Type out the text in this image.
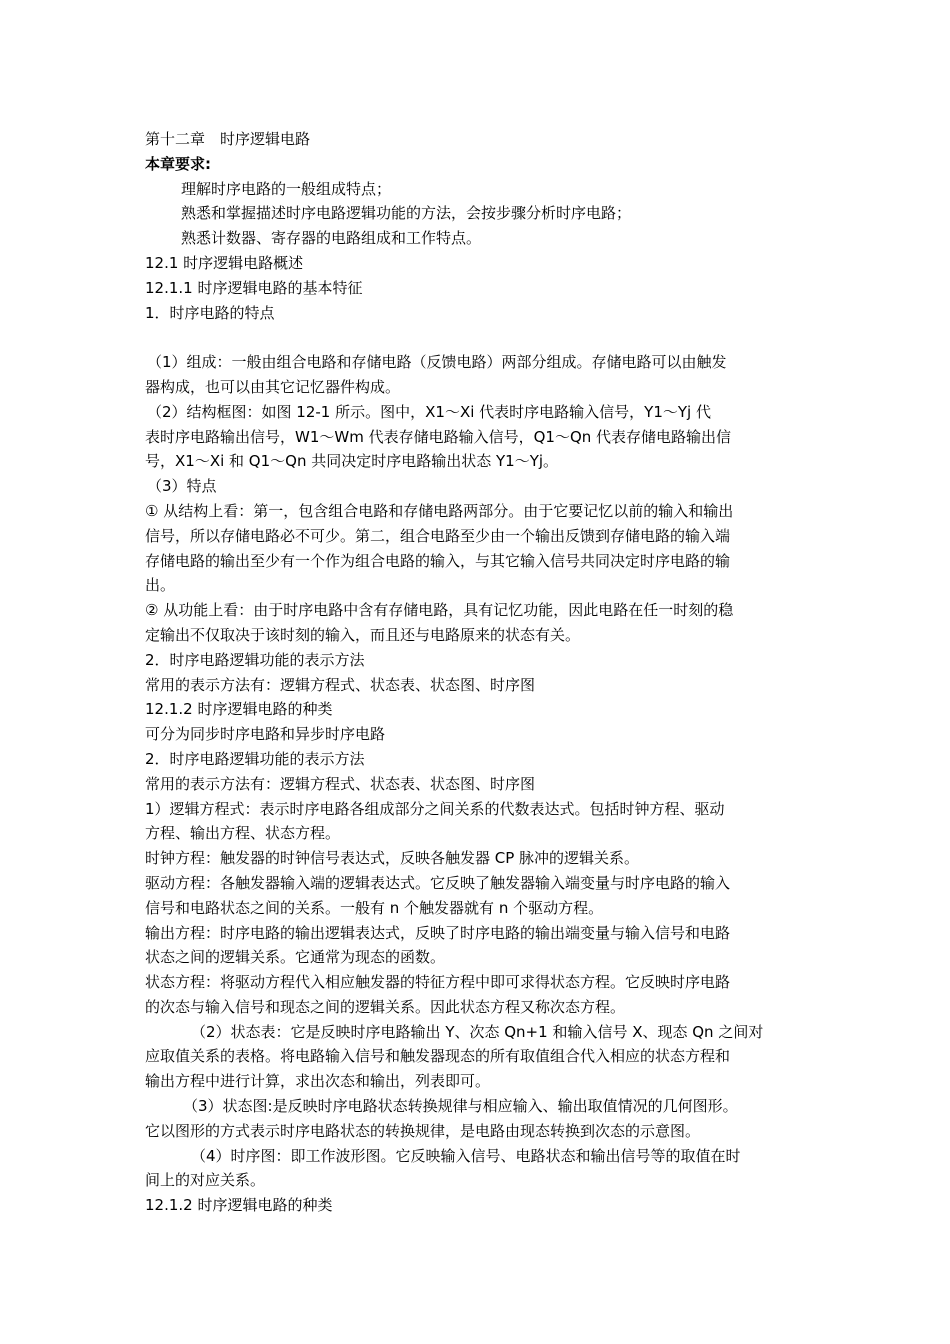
第十二章　时序逻辑电路

本章要求:

理解时序电路的一般组成特点；

熟悉和掌握描述时序电路逻辑功能的方法，会按步骤分析时序电路；

熟悉计数器、寄存器的电路组成和工作特点。

12.1 时序逻辑电路概述

12.1.1 时序逻辑电路的基本特征

1．时序电路的特点

（1）组成：一般由组合电路和存储电路（反馈电路）两部分组成。存储电路可以由触发

器构成，也可以由其它记忆器件构成。

（2）结构框图：如图 12-1 所示。图中，X1～Xi 代表时序电路输入信号，Y1～Yj 代

表时序电路输出信号，W1～Wm 代表存储电路输入信号，Q1～Qn 代表存储电路输出信

号，X1～Xi 和 Q1～Qn 共同决定时序电路输出状态 Y1～Yj。

（3）特点

① 从结构上看：第一，包含组合电路和存储电路两部分。由于它要记忆以前的输入和输出

信号，所以存储电路必不可少。第二，组合电路至少由一个输出反馈到存储电路的输入端

存储电路的输出至少有一个作为组合电路的输入，与其它输入信号共同决定时序电路的输

出。

② 从功能上看：由于时序电路中含有存储电路，具有记忆功能，因此电路在任一时刻的稳

定输出不仅取决于该时刻的输入，而且还与电路原来的状态有关。

2．时序电路逻辑功能的表示方法

常用的表示方法有：逻辑方程式、状态表、状态图、时序图

12.1.2 时序逻辑电路的种类

可分为同步时序电路和异步时序电路

2．时序电路逻辑功能的表示方法

常用的表示方法有：逻辑方程式、状态表、状态图、时序图

1）逻辑方程式：表示时序电路各组成部分之间关系的代数表达式。包括时钟方程、驱动

方程、输出方程、状态方程。

时钟方程：触发器的时钟信号表达式，反映各触发器 CP 脉冲的逻辑关系。

驱动方程：各触发器输入端的逻辑表达式。它反映了触发器输入端变量与时序电路的输入

信号和电路状态之间的关系。一般有 n 个触发器就有 n 个驱动方程。

输出方程：时序电路的输出逻辑表达式，反映了时序电路的输出端变量与输入信号和电路

状态之间的逻辑关系。它通常为现态的函数。

状态方程：将驱动方程代入相应触发器的特征方程中即可求得状态方程。它反映时序电路

的次态与输入信号和现态之间的逻辑关系。因此状态方程又称次态方程。

（2）状态表：它是反映时序电路输出 Y、次态 Qn+1 和输入信号 X、现态 Qn 之间对

应取值关系的表格。将电路输入信号和触发器现态的所有取值组合代入相应的状态方程和

输出方程中进行计算，求出次态和输出，列表即可。

（3）状态图:是反映时序电路状态转换规律与相应输入、输出取值情况的几何图形。

它以图形的方式表示时序电路状态的转换规律，是电路由现态转换到次态的示意图。

（4）时序图：即工作波形图。它反映输入信号、电路状态和输出信号等的取值在时

间上的对应关系。

12.1.2 时序逻辑电路的种类
